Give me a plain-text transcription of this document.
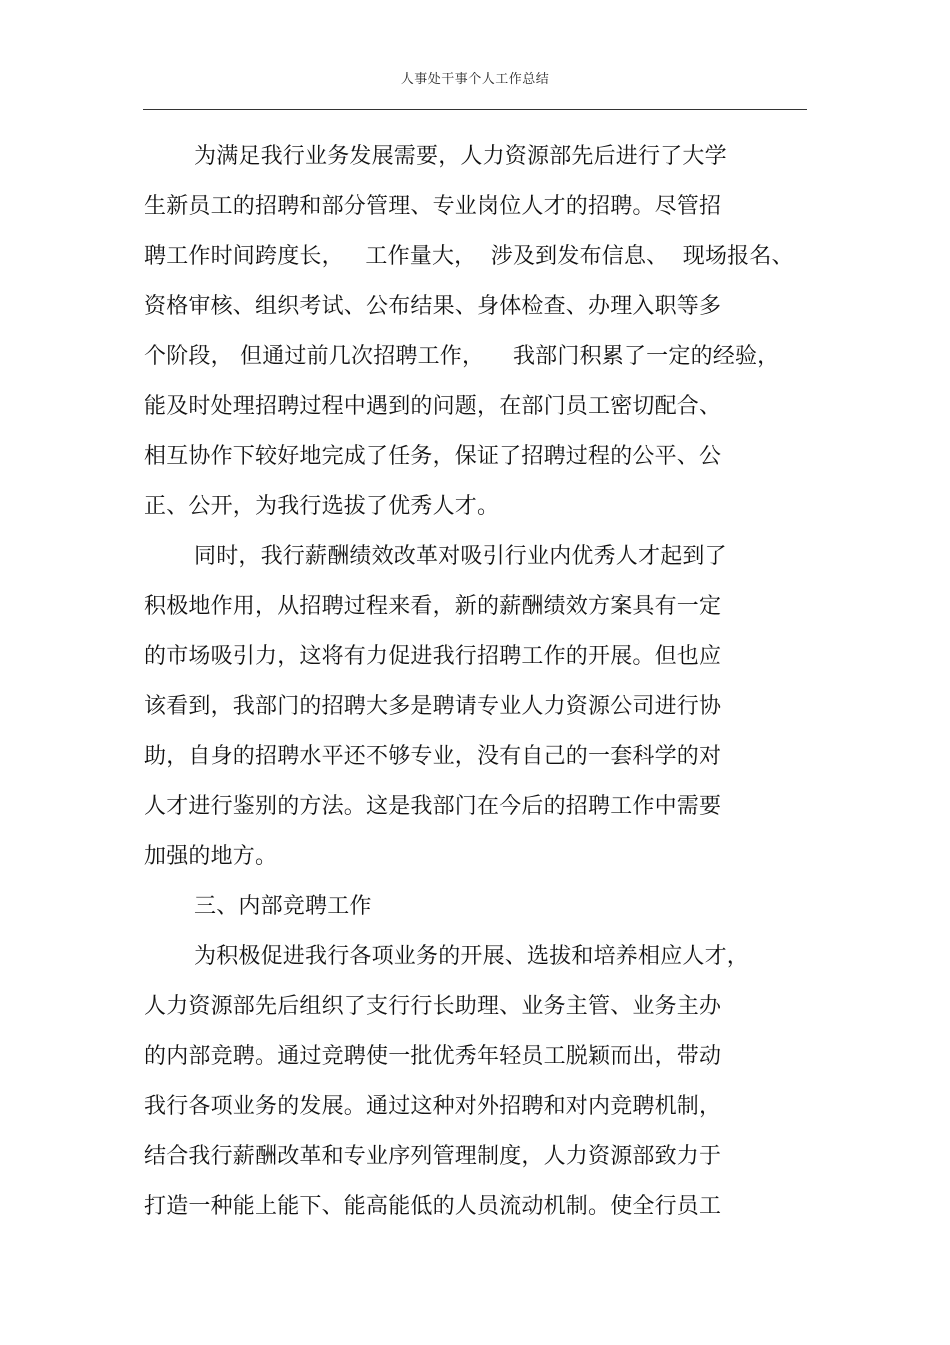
人事处干事个人工作总结
为满足我行业务发展需要，人力资源部先后进行了大学
生新员工的招聘和部分管理、专业岗位人才的招聘。尽管招
聘工作时间跨度长，   工作量大，  涉及到发布信息、  现场报名、
资格审核、组织考试、公布结果、身体检查、办理入职等多
个阶段， 但通过前几次招聘工作，    我部门积累了一定的经验，
能及时处理招聘过程中遇到的问题，在部门员工密切配合、
相互协作下较好地完成了任务，保证了招聘过程的公平、公
正、公开，为我行选拔了优秀人才。
同时，我行薪酬绩效改革对吸引行业内优秀人才起到了
积极地作用，从招聘过程来看，新的薪酬绩效方案具有一定
的市场吸引力，这将有力促进我行招聘工作的开展。但也应
该看到，我部门的招聘大多是聘请专业人力资源公司进行协
助，自身的招聘水平还不够专业，没有自己的一套科学的对
人才进行鉴别的方法。这是我部门在今后的招聘工作中需要
加强的地方。
三、内部竞聘工作
为积极促进我行各项业务的开展、选拔和培养相应人才，
人力资源部先后组织了支行行长助理、业务主管、业务主办
的内部竞聘。通过竞聘使一批优秀年轻员工脱颖而出，带动
我行各项业务的发展。通过这种对外招聘和对内竞聘机制，
结合我行薪酬改革和专业序列管理制度，人力资源部致力于
打造一种能上能下、能高能低的人员流动机制。使全行员工
